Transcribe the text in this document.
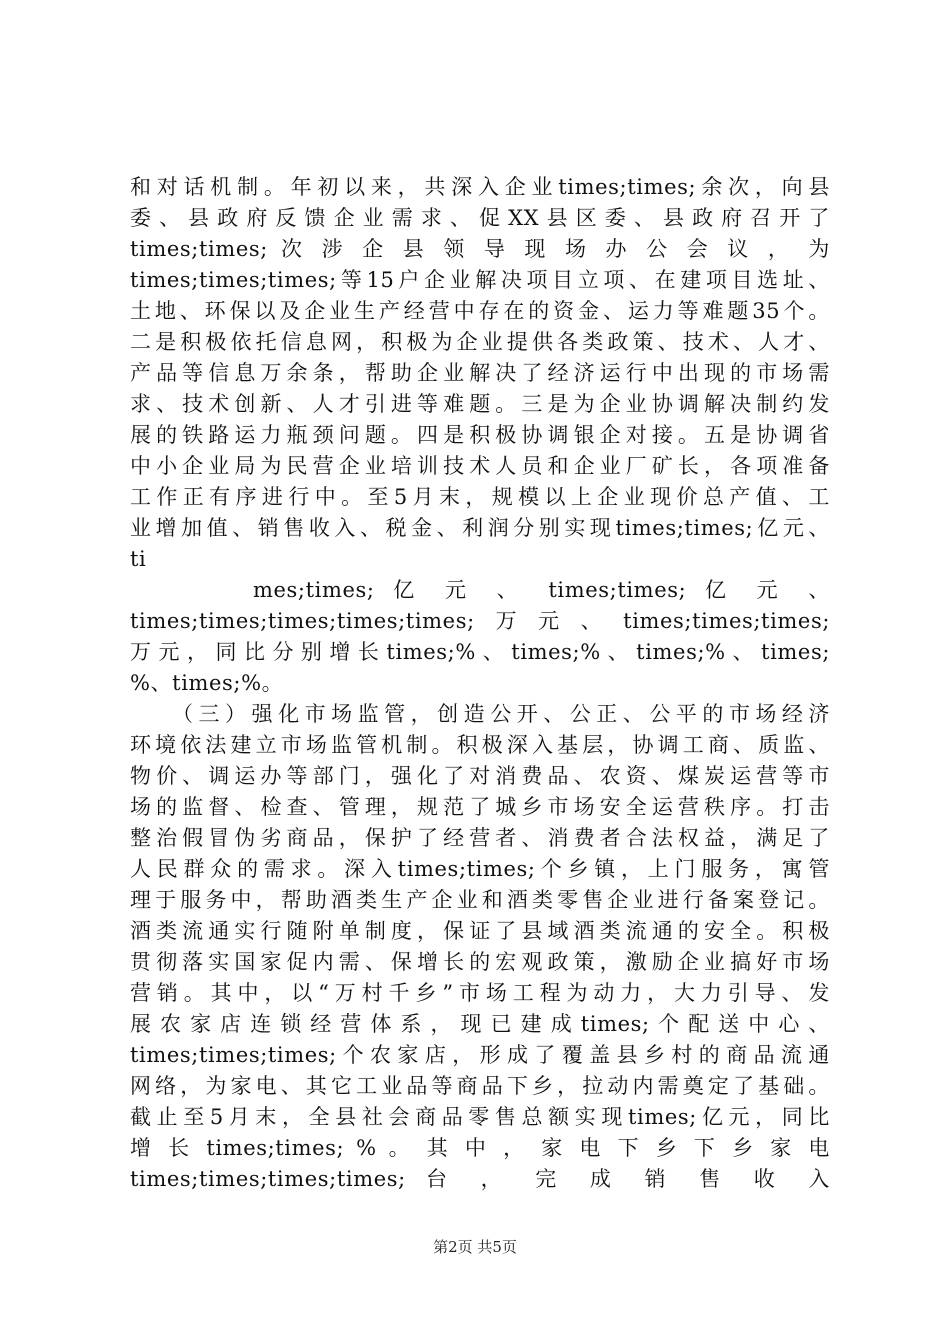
和对话机制。年初以来，共深入企业times;times;余次，向县
委、县政府反馈企业需求、促XX县区委、县政府召开了
times;times; 次 涉 企 县 领 导 现 场 办 公 会 议 ， 为
times;times;times;等15户企业解决项目立项、在建项目选址、
土地、环保以及企业生产经营中存在的资金、运力等难题35个。
二是积极依托信息网，积极为企业提供各类政策、技术、人才、
产品等信息万余条，帮助企业解决了经济运行中出现的市场需
求、技术创新、人才引进等难题。三是为企业协调解决制约发
展的铁路运力瓶颈问题。四是积极协调银企对接。五是协调省
中小企业局为民营企业培训技术人员和企业厂矿长，各项准备
工作正有序进行中。至5月末，规模以上企业现价总产值、工
业增加值、销售收入、税金、利润分别实现times;times;亿元、
ti
mes;times; 亿 元 、 times;times; 亿 元 、
times;times;times;times;times;万元、times;times;times;
万元，同比分别增长times;%、times;%、times;%、times;
%、times;%。
（三）强化市场监管，创造公开、公正、公平的市场经济
环境依法建立市场监管机制。积极深入基层，协调工商、质监、
物价、调运办等部门，强化了对消费品、农资、煤炭运营等市
场的监督、检查、管理，规范了城乡市场安全运营秩序。打击
整治假冒伪劣商品，保护了经营者、消费者合法权益，满足了
人民群众的需求。深入times;times;个乡镇，上门服务，寓管
理于服务中，帮助酒类生产企业和酒类零售企业进行备案登记。
酒类流通实行随附单制度，保证了县域酒类流通的安全。积极
贯彻落实国家促内需、保增长的宏观政策，激励企业搞好市场
营销。其中，以“万村千乡”市场工程为动力，大力引导、发
展农家店连锁经营体系，现已建成times;个配送中心、
times;times;times;个农家店，形成了覆盖县乡村的商品流通
网络，为家电、其它工业品等商品下乡，拉动内需奠定了基础。
截止至5月末，全县社会商品零售总额实现times;亿元，同比
增 长 times;times; % 。 其 中 ， 家 电 下 乡 下 乡 家 电
times;times;times;times; 台 ， 完 成 销 售 收 入
第2页 共5页
